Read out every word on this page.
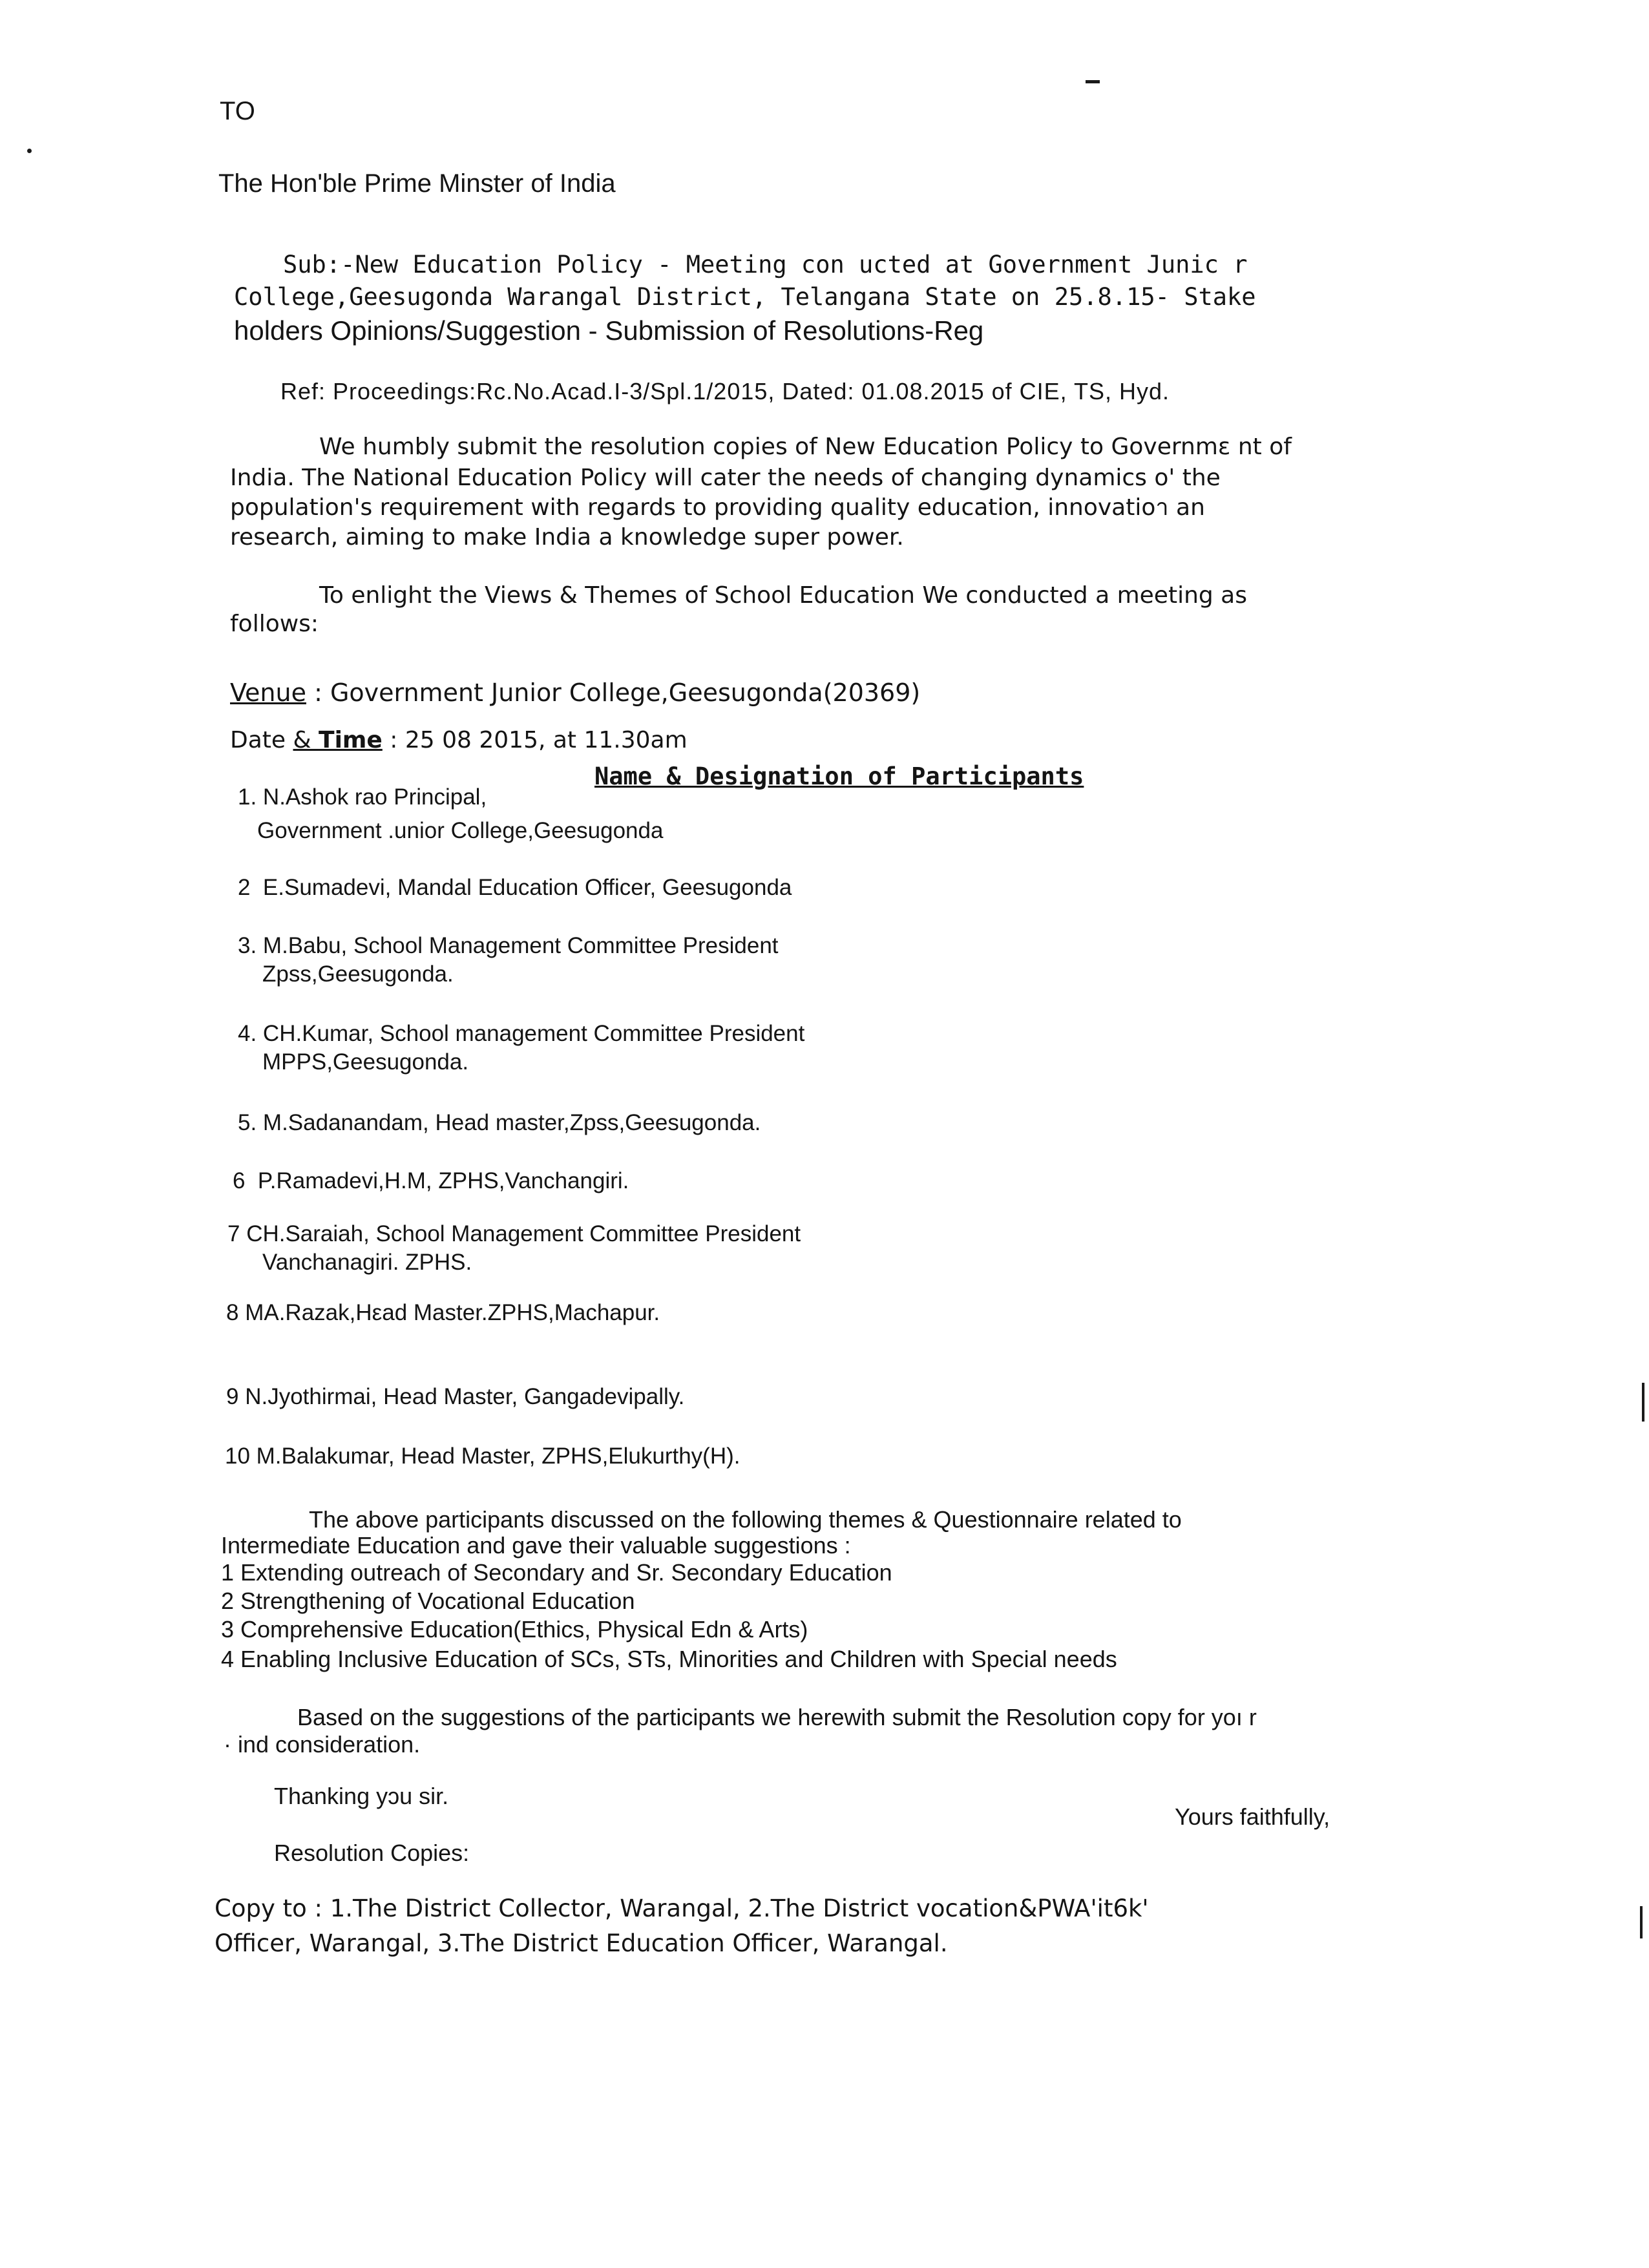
TO

The Hon'ble Prime Minster of India

Sub:-New Education Policy - Meeting con ucted at Government Junic r

College,Geesugonda Warangal District, Telangana State on 25.8.15- Stake

holders Opinions/Suggestion - Submission of Resolutions-Reg

Ref: Proceedings:Rc.No.Acad.I-3/Spl.1/2015, Dated: 01.08.2015 of CIE, TS, Hyd.

We humbly submit the resolution copies of New Education Policy to Governmε nt of

India. The National Education Policy will cater the needs of changing dynamics o' the

population's requirement with regards to providing quality education, innovatioา an

research, aiming to make India a knowledge super power.

To enlight the Views & Themes of School Education We conducted a meeting as

follows:

Venue : Government Junior College,Geesugonda(20369)

Date & Time : 25 08 2015, at 11.30am

Name & Designation of Participants

1. N.Ashok rao Principal,

Government .unior College,Geesugonda

2  E.Sumadevi, Mandal Education Officer, Geesugonda

3. M.Babu, School Management Committee President

Zpss,Geesugonda.

4. CH.Kumar, School management Committee President

MPPS,Geesugonda.

5. M.Sadanandam, Head master,Zpss,Geesugonda.

6  P.Ramadevi,H.M, ZPHS,Vanchangiri.

7 CH.Saraiah, School Management Committee President

Vanchanagiri. ZPHS.

8 MA.Razak,Hεad Master.ZPHS,Machapur.

9 N.Jyothirmai, Head Master, Gangadevipally.

10 M.Balakumar, Head Master, ZPHS,Elukurthy(H).

The above participants discussed on the following themes & Questionnaire related to

Intermediate Education and gave their valuable suggestions :

1 Extending outreach of Secondary and Sr. Secondary Education

2 Strengthening of Vocational Education

3 Comprehensive Education(Ethics, Physical Edn & Arts)

4 Enabling Inclusive Education of SCs, STs, Minorities and Children with Special needs

Based on the suggestions of the participants we herewith submit the Resolution copy for yoı r

· ind consideration.

Thanking yɔu sir.

Yours faithfully,

Resolution Copies:

Copy to : 1.The District Collector, Warangal, 2.The District vocation&PWA'it6k'

Officer, Warangal, 3.The District Education Officer, Warangal.
